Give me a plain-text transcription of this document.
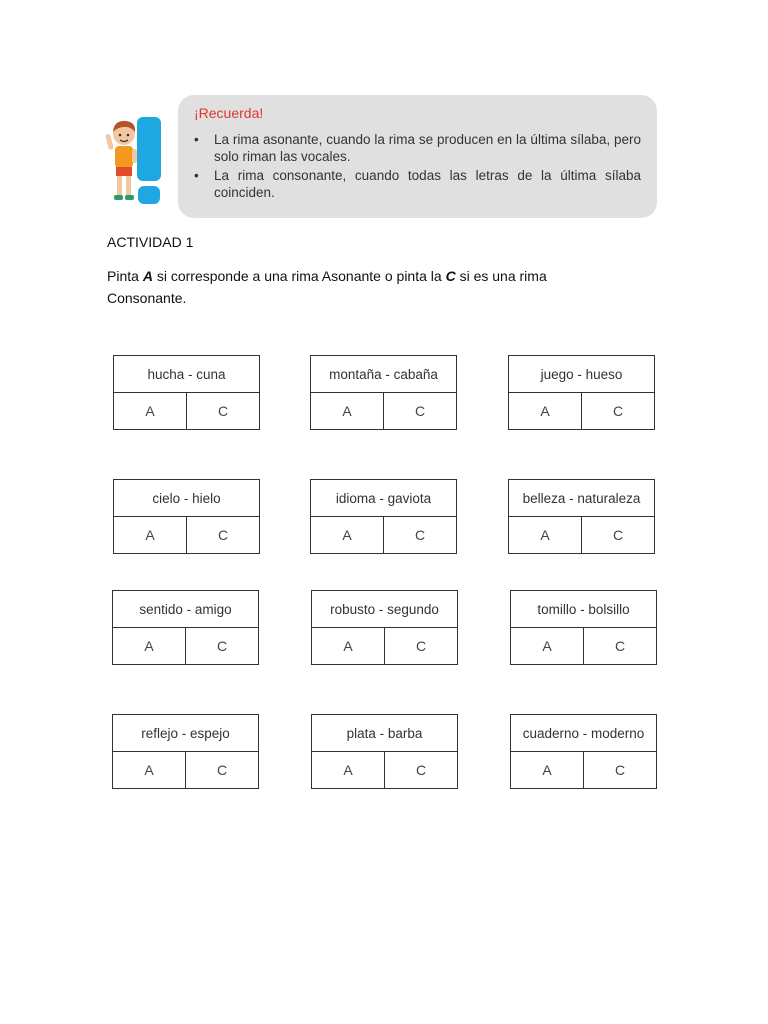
¡Recuerda!

• La rima asonante, cuando la rima se producen en la última sílaba, pero solo riman las vocales.
• La rima consonante, cuando todas las letras de la última sílaba coinciden.
ACTIVIDAD 1
Pinta A si corresponde a una rima Asonante o pinta la C si es una rima Consonante.
hucha - cuna
A	C
montaña - cabaña
A	C
juego - hueso
A	C
cielo - hielo
A	C
idioma - gaviota
A	C
belleza - naturaleza
A	C
sentido - amigo
A	C
robusto - segundo
A	C
tomillo - bolsillo
A	C
reflejo - espejo
A	C
plata - barba
A	C
cuaderno - moderno
A	C
